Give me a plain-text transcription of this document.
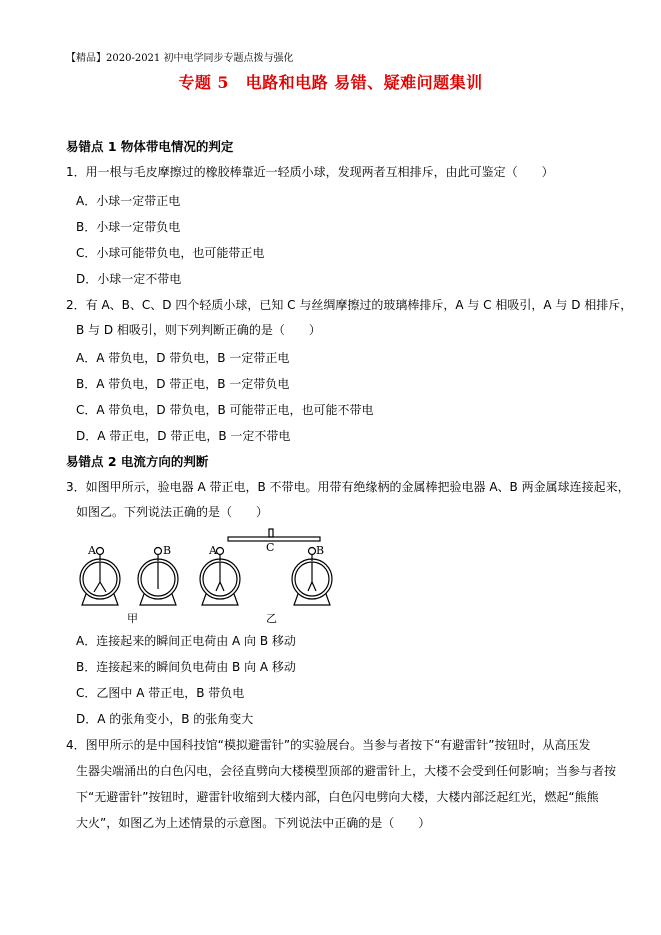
【精品】2020-2021 初中电学同步专题点拨与强化
专题 5　电路和电路 易错、疑难问题集训
易错点 1 物体带电情况的判定
1．用一根与毛皮摩擦过的橡胶棒靠近一轻质小球，发现两者互相排斥，由此可鉴定（　　）
A．小球一定带正电
B．小球一定带负电
C．小球可能带负电，也可能带正电
D．小球一定不带电
2．有 A、B、C、D 四个轻质小球，已知 C 与丝绸摩擦过的玻璃棒排斥，A 与 C 相吸引，A 与 D 相排斥，
B 与 D 相吸引，则下列判断正确的是（　　）
A．A 带负电，D 带负电，B 一定带正电
B．A 带负电，D 带正电，B 一定带负电
C．A 带负电，D 带负电，B 可能带正电，也可能不带电
D．A 带正电，D 带正电，B 一定不带电
易错点 2 电流方向的判断
3．如图甲所示，验电器 A 带正电，B 不带电。用带有绝缘柄的金属棒把验电器 A、B 两金属球连接起来，
如图乙。下列说法正确的是（　　）
A	B
甲
C
A	B
乙
A．连接起来的瞬间正电荷由 A 向 B 移动
B．连接起来的瞬间负电荷由 B 向 A 移动
C．乙图中 A 带正电，B 带负电
D．A 的张角变小，B 的张角变大
4．图甲所示的是中国科技馆“模拟避雷针”的实验展台。当参与者按下“有避雷针”按钮时，从高压发
生器尖端涌出的白色闪电，会径直劈向大楼模型顶部的避雷针上，大楼不会受到任何影响；当参与者按
下“无避雷针”按钮时，避雷针收缩到大楼内部，白色闪电劈向大楼，大楼内部泛起红光，燃起“熊熊
大火”，如图乙为上述情景的示意图。下列说法中正确的是（　　）
